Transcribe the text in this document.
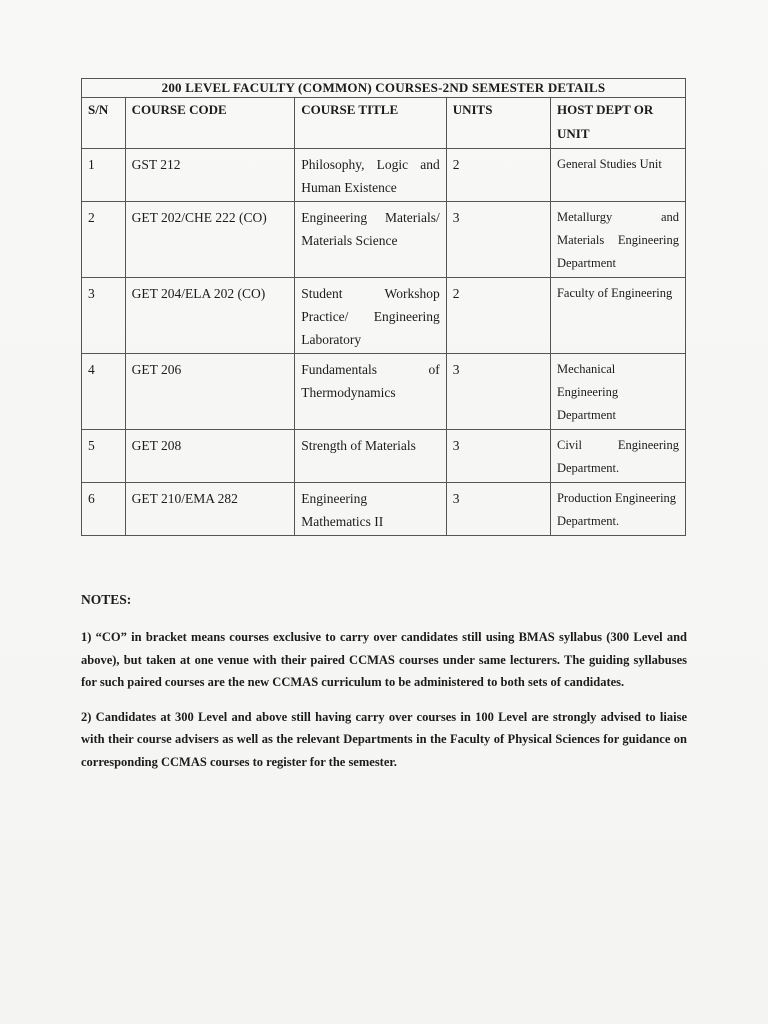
200 LEVEL FACULTY (COMMON) COURSES-2ND SEMESTER DETAILS				
S/N	COURSE CODE	COURSE TITLE	UNITS	HOST DEPT OR UNIT
1	GST 212	Philosophy, Logic and Human Existence	2	General Studies Unit
2	GET 202/CHE 222 (CO)	Engineering Materials/ Materials Science	3	Metallurgy and Materials Engineering Department
3	GET 204/ELA 202 (CO)	Student Workshop Practice/ Engineering Laboratory	2	Faculty of Engineering
4	GET 206	Fundamentals of Thermodynamics	3	Mechanical Engineering Department
5	GET 208	Strength of Materials	3	Civil Engineering Department.
6	GET 210/EMA 282	Engineering Mathematics II	3	Production Engineering Department.
NOTES:

1) “CO” in bracket means courses exclusive to carry over candidates still using BMAS syllabus (300 Level and above), but taken at one venue with their paired CCMAS courses under same lecturers. The guiding syllabuses for such paired courses are the new CCMAS curriculum to be administered to both sets of candidates.

2) Candidates at 300 Level and above still having carry over courses in 100 Level are strongly advised to liaise with their course advisers as well as the relevant Departments in the Faculty of Physical Sciences for guidance on corresponding CCMAS courses to register for the semester.
